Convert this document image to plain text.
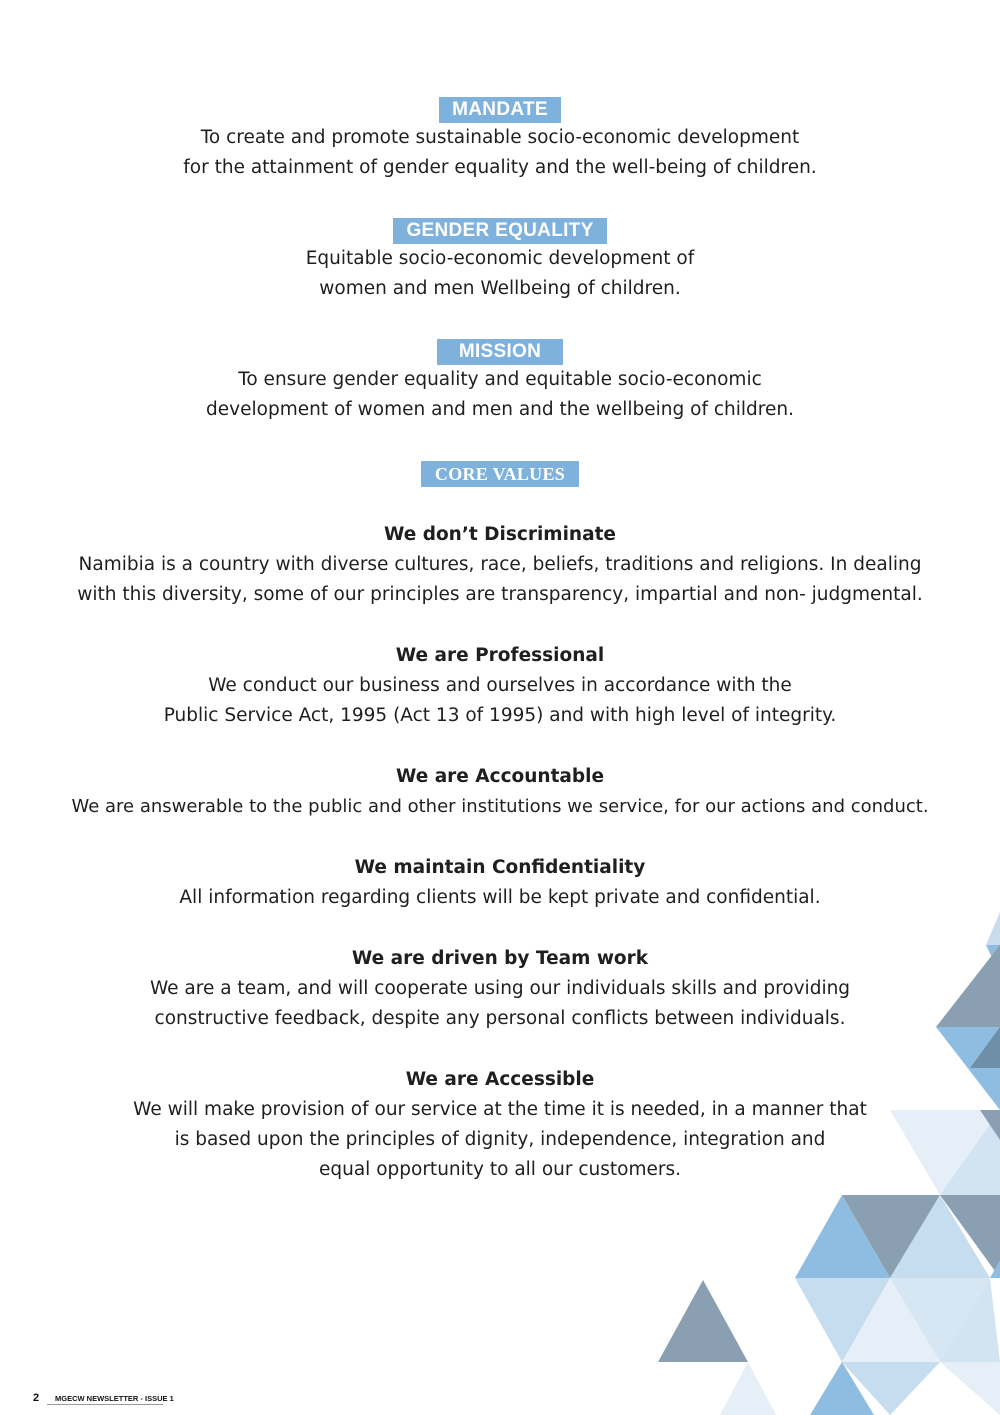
MANDATE

To create and promote sustainable socio-economic development

for the attainment of gender equality and the well-being of children.

GENDER EQUALITY

Equitable socio-economic development of

women and men Wellbeing of children.

MISSION

To ensure gender equality and equitable socio-economic

development of women and men and the wellbeing of children.

CORE VALUES

We don’t Discriminate

Namibia is a country with diverse cultures, race, beliefs, traditions and religions. In dealing

with this diversity, some of our principles are transparency, impartial and non- judgmental.

We are Professional

We conduct our business and ourselves in accordance with the

Public Service Act, 1995 (Act 13 of 1995) and with high level of integrity.

We are Accountable

We are answerable to the public and other institutions we service, for our actions and conduct.

We maintain Confidentiality

All information regarding clients will be kept private and confidential.

We are driven by Team work

We are a team, and will cooperate using our individuals skills and providing

constructive feedback, despite any personal conflicts between individuals.

We are Accessible

We will make provision of our service at the time it is needed, in a manner that

is based upon the principles of dignity, independence, integration and

equal opportunity to all our customers.

2	MGECW NEWSLETTER - ISSUE 1
